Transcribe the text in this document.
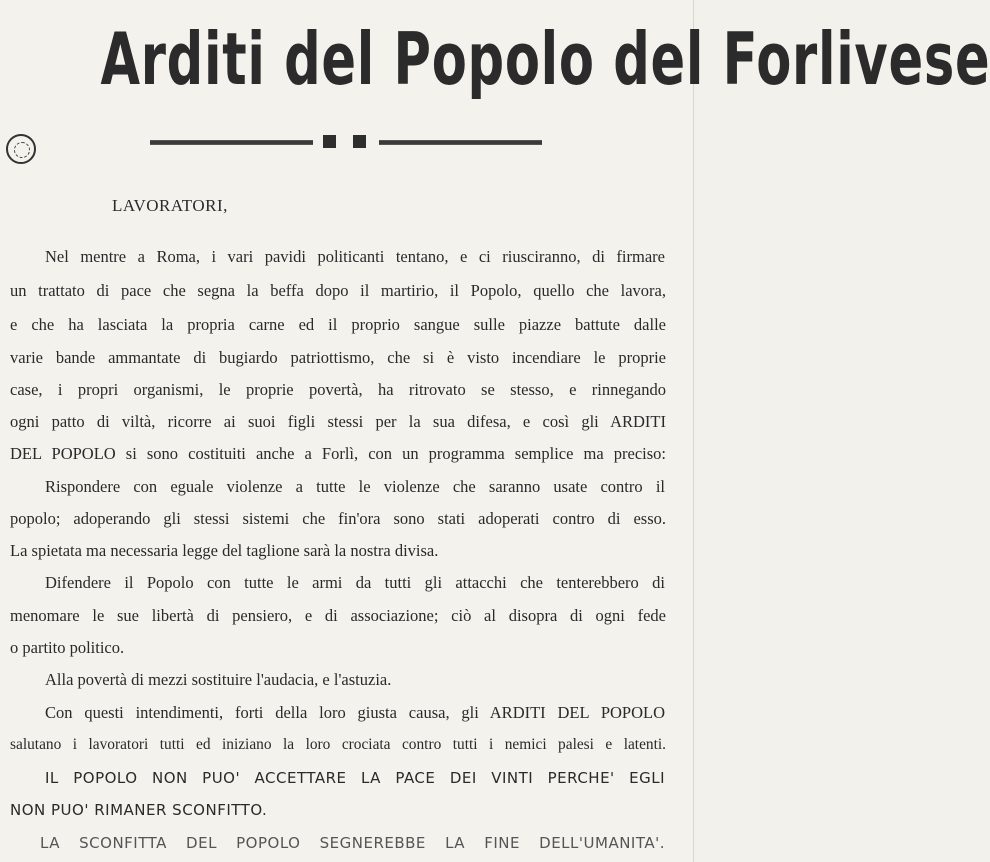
Arditi del Popolo del Forlivese
LAVORATORI,
Nel mentre a Roma, i vari pavidi politicanti tentano, e ci riusciranno, di firmare
un trattato di pace che segna la beffa dopo il martirio, il Popolo, quello che lavora,
e che ha lasciata la propria carne ed il proprio sangue sulle piazze battute dalle
varie bande ammantate di bugiardo patriottismo, che si è visto incendiare le proprie
case, i propri organismi, le proprie povertà, ha ritrovato se stesso, e rinnegando
ogni patto di viltà, ricorre ai suoi figli stessi per la sua difesa, e così gli ARDITI
DEL POPOLO si sono costituiti anche a Forlì, con un programma semplice ma preciso:
Rispondere con eguale violenze a tutte le violenze che saranno usate contro il
popolo; adoperando gli stessi sistemi che fin'ora sono stati adoperati contro di esso.
La spietata ma necessaria legge del taglione sarà la nostra divisa.
Difendere il Popolo con tutte le armi da tutti gli attacchi che tenterebbero di
menomare le sue libertà di pensiero, e di associazione; ciò al disopra di ogni fede
o partito politico.
Alla povertà di mezzi sostituire l'audacia, e l'astuzia.
Con questi intendimenti, forti della loro giusta causa, gli ARDITI DEL POPOLO
salutano i lavoratori tutti ed iniziano la loro crociata contro tutti i nemici palesi e latenti.
IL POPOLO NON PUO' ACCETTARE LA PACE DEI VINTI PERCHE' EGLI
NON PUO' RIMANER SCONFITTO.
LA SCONFITTA DEL POPOLO SEGNEREBBE LA FINE DELL'UMANITA'.
